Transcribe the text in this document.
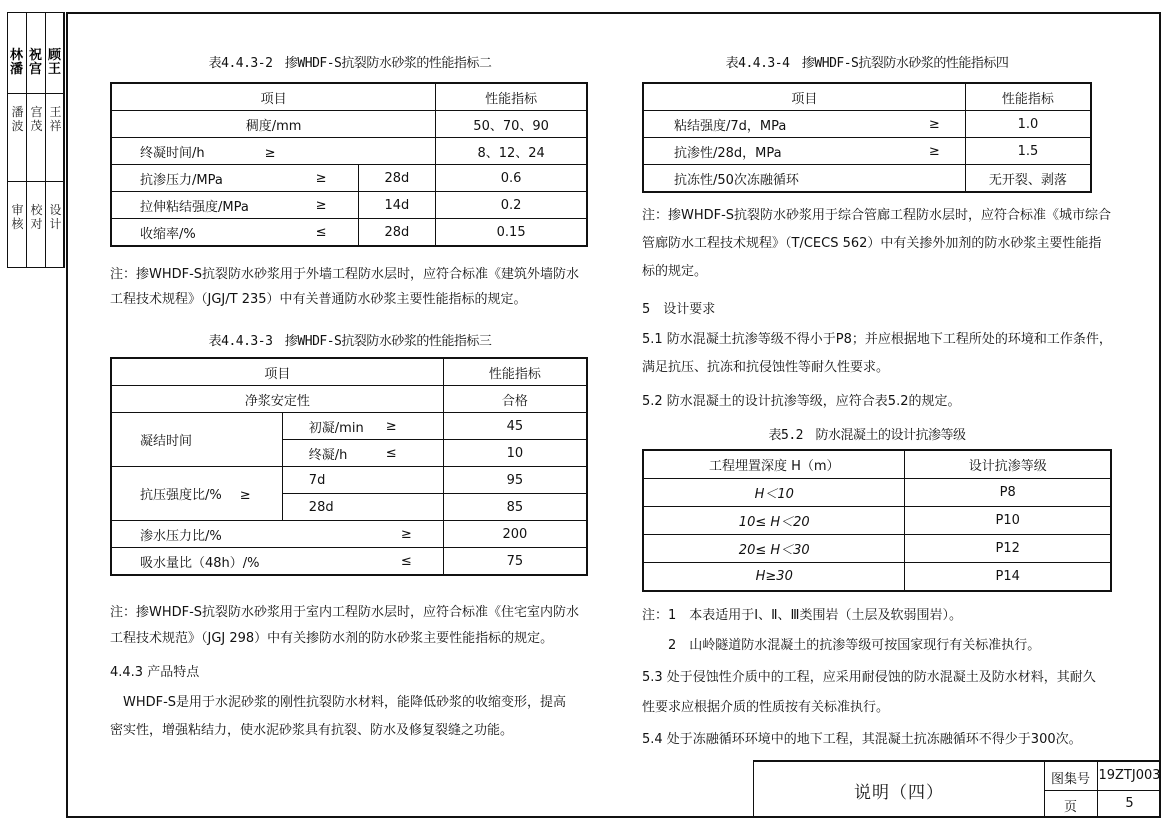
林潘
祝宫
顾王
潘波
宫茂
王祥
审核
校对
设计
表4.4.3-2　掺WHDF-S抗裂防水砂浆的性能指标二
项目			性能指标
稠度/mm			50、70、90
终凝时间/h ≥			8、12、24
抗渗压力/MPa	≥	28d	0.6
拉伸粘结强度/MPa	≥	14d	0.2
收缩率/%	≤	28d	0.15
注：掺WHDF-S抗裂防水砂浆用于外墙工程防水层时，应符合标准《建筑外墙防水
工程技术规程》（JGJ/T 235）中有关普通防水砂浆主要性能指标的规定。
表4.4.3-3　掺WHDF-S抗裂防水砂浆的性能指标三
项目			性能指标
净浆安定性			合格
凝结时间	初凝/min	≥	45
	终凝/h	≤	10
抗压强度比/% ≥	7d		95
	28d		85
渗水压力比/%		≥	200
吸水量比（48h）/%		≤	75
注：掺WHDF-S抗裂防水砂浆用于室内工程防水层时，应符合标准《住宅室内防水
工程技术规范》（JGJ 298）中有关掺防水剂的防水砂浆主要性能指标的规定。
4.4.3 产品特点
　WHDF-S是用于水泥砂浆的刚性抗裂防水材料，能降低砂浆的收缩变形，提高
密实性，增强粘结力，使水泥砂浆具有抗裂、防水及修复裂缝之功能。
表4.4.3-4　掺WHDF-S抗裂防水砂浆的性能指标四
项目		性能指标
粘结强度/7d，MPa	≥	1.0
抗渗性/28d，MPa	≥	1.5
抗冻性/50次冻融循环		无开裂、剥落
注：掺WHDF-S抗裂防水砂浆用于综合管廊工程防水层时，应符合标准《城市综合
管廊防水工程技术规程》（T/CECS 562）中有关掺外加剂的防水砂浆主要性能指
标的规定。
5　设计要求
5.1 防水混凝土抗渗等级不得小于P8；并应根据地下工程所处的环境和工作条件，
满足抗压、抗冻和抗侵蚀性等耐久性要求。
5.2 防水混凝土的设计抗渗等级，应符合表5.2的规定。
表5.2　防水混凝土的设计抗渗等级
工程埋置深度 H（m）	设计抗渗等级
H＜10	P8
10≤ H＜20	P10
20≤ H＜30	P12
H≥30	P14
注：1　本表适用于Ⅰ、Ⅱ、Ⅲ类围岩（土层及软弱围岩）。
　　2　山岭隧道防水混凝土的抗渗等级可按国家现行有关标准执行。
5.3 处于侵蚀性介质中的工程，应采用耐侵蚀的防水混凝土及防水材料，其耐久
性要求应根据介质的性质按有关标准执行。
5.4 处于冻融循环环境中的地下工程，其混凝土抗冻融循环不得少于300次。
说明（四）
图集号 19ZTJ003
页	5
